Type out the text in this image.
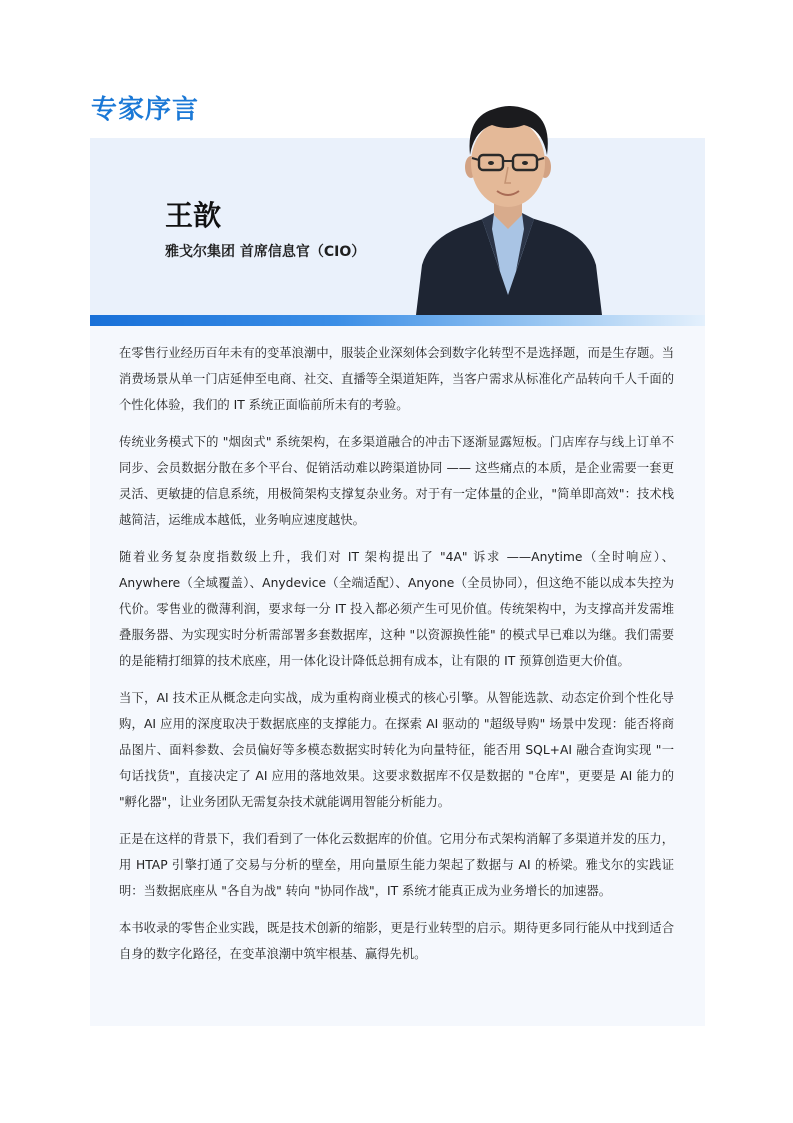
专家序言
王歆
雅戈尔集团 首席信息官（CIO）

在零售行业经历百年未有的变革浪潮中，服装企业深刻体会到数字化转型不是选择题，而是生存题。当消费场景从单一门店延伸至电商、社交、直播等全渠道矩阵，当客户需求从标准化产品转向千人千面的个性化体验，我们的 IT 系统正面临前所未有的考验。

传统业务模式下的 "烟囱式" 系统架构，在多渠道融合的冲击下逐渐显露短板。门店库存与线上订单不同步、会员数据分散在多个平台、促销活动难以跨渠道协同 —— 这些痛点的本质，是企业需要一套更灵活、更敏捷的信息系统，用极简架构支撑复杂业务。对于有一定体量的企业，"简单即高效"：技术栈越简洁，运维成本越低，业务响应速度越快。

随着业务复杂度指数级上升，我们对 IT 架构提出了 "4A" 诉求 ——Anytime（全时响应）、Anywhere（全域覆盖）、Anydevice（全端适配）、Anyone（全员协同），但这绝不能以成本失控为代价。零售业的微薄利润，要求每一分 IT 投入都必须产生可见价值。传统架构中，为支撑高并发需堆叠服务器、为实现实时分析需部署多套数据库，这种 "以资源换性能" 的模式早已难以为继。我们需要的是能精打细算的技术底座，用一体化设计降低总拥有成本，让有限的 IT 预算创造更大价值。

当下，AI 技术正从概念走向实战，成为重构商业模式的核心引擎。从智能选款、动态定价到个性化导购，AI 应用的深度取决于数据底座的支撑能力。在探索 AI 驱动的 "超级导购" 场景中发现：能否将商品图片、面料参数、会员偏好等多模态数据实时转化为向量特征，能否用 SQL+AI 融合查询实现 "一句话找货"，直接决定了 AI 应用的落地效果。这要求数据库不仅是数据的 "仓库"，更要是 AI 能力的 "孵化器"，让业务团队无需复杂技术就能调用智能分析能力。

正是在这样的背景下，我们看到了一体化云数据库的价值。它用分布式架构消解了多渠道并发的压力，用 HTAP 引擎打通了交易与分析的壁垒，用向量原生能力架起了数据与 AI 的桥梁。雅戈尔的实践证明：当数据底座从 "各自为战" 转向 "协同作战"，IT 系统才能真正成为业务增长的加速器。

本书收录的零售企业实践，既是技术创新的缩影，更是行业转型的启示。期待更多同行能从中找到适合自身的数字化路径，在变革浪潮中筑牢根基、赢得先机。
